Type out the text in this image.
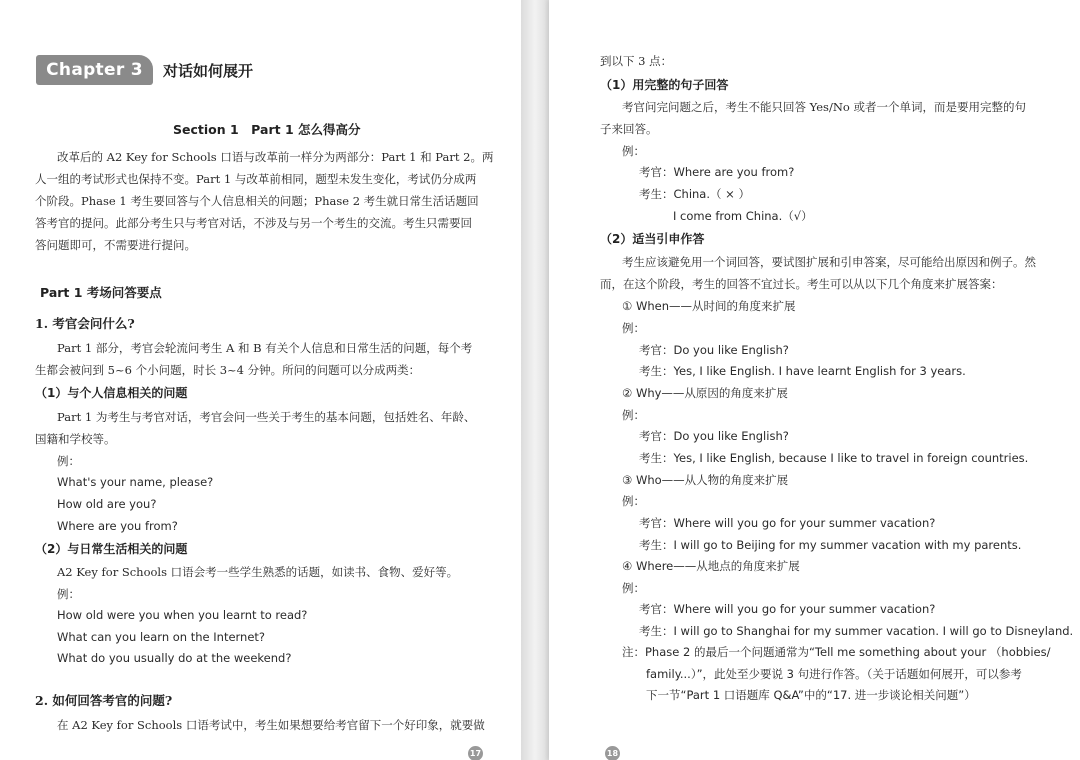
Chapter 3	对话如何展开
Section 1　Part 1 怎么得高分
改革后的 A2 Key for Schools 口语与改革前一样分为两部分：Part 1 和 Part 2。两
人一组的考试形式也保持不变。Part 1 与改革前相同，题型未发生变化，考试仍分成两
个阶段。Phase 1 考生要回答与个人信息相关的问题；Phase 2 考生就日常生活话题回
答考官的提问。此部分考生只与考官对话，不涉及与另一个考生的交流。考生只需要回
答问题即可，不需要进行提问。
Part 1 考场问答要点
1. 考官会问什么?
Part 1 部分，考官会轮流问考生 A 和 B 有关个人信息和日常生活的问题，每个考
生都会被问到 5~6 个小问题，时长 3~4 分钟。所问的问题可以分成两类：
（1）与个人信息相关的问题
Part 1 为考生与考官对话，考官会问一些关于考生的基本问题，包括姓名、年龄、
国籍和学校等。
例：
What's your name, please?
How old are you?
Where are you from?
（2）与日常生活相关的问题
A2 Key for Schools 口语会考一些学生熟悉的话题，如读书、食物、爱好等。
例：
How old were you when you learnt to read?
What can you learn on the Internet?
What do you usually do at the weekend?
2. 如何回答考官的问题?
在 A2 Key for Schools 口语考试中，考生如果想要给考官留下一个好印象，就要做
17
到以下 3 点：
（1）用完整的句子回答
考官问完问题之后，考生不能只回答 Yes/No 或者一个单词，而是要用完整的句
子来回答。
例：
考官：Where are you from?
考生：China.（ × ）
I come from China.（√）
（2）适当引申作答
考生应该避免用一个词回答，要试图扩展和引申答案，尽可能给出原因和例子。然
而，在这个阶段，考生的回答不宜过长。考生可以从以下几个角度来扩展答案：
① When——从时间的角度来扩展
例：
考官：Do you like English?
考生：Yes, I like English. I have learnt English for 3 years.
② Why——从原因的角度来扩展
例：
考官：Do you like English?
考生：Yes, I like English, because I like to travel in foreign countries.
③ Who——从人物的角度来扩展
例：
考官：Where will you go for your summer vacation?
考生：I will go to Beijing for my summer vacation with my parents.
④ Where——从地点的角度来扩展
例：
考官：Where will you go for your summer vacation?
考生：I will go to Shanghai for my summer vacation. I will go to Disneyland.
注：Phase 2 的最后一个问题通常为“Tell me something about your （hobbies/
family...）”，此处至少要说 3 句进行作答。（关于话题如何展开，可以参考
下一节“Part 1 口语题库 Q&A”中的“17. 进一步谈论相关问题”）
18
